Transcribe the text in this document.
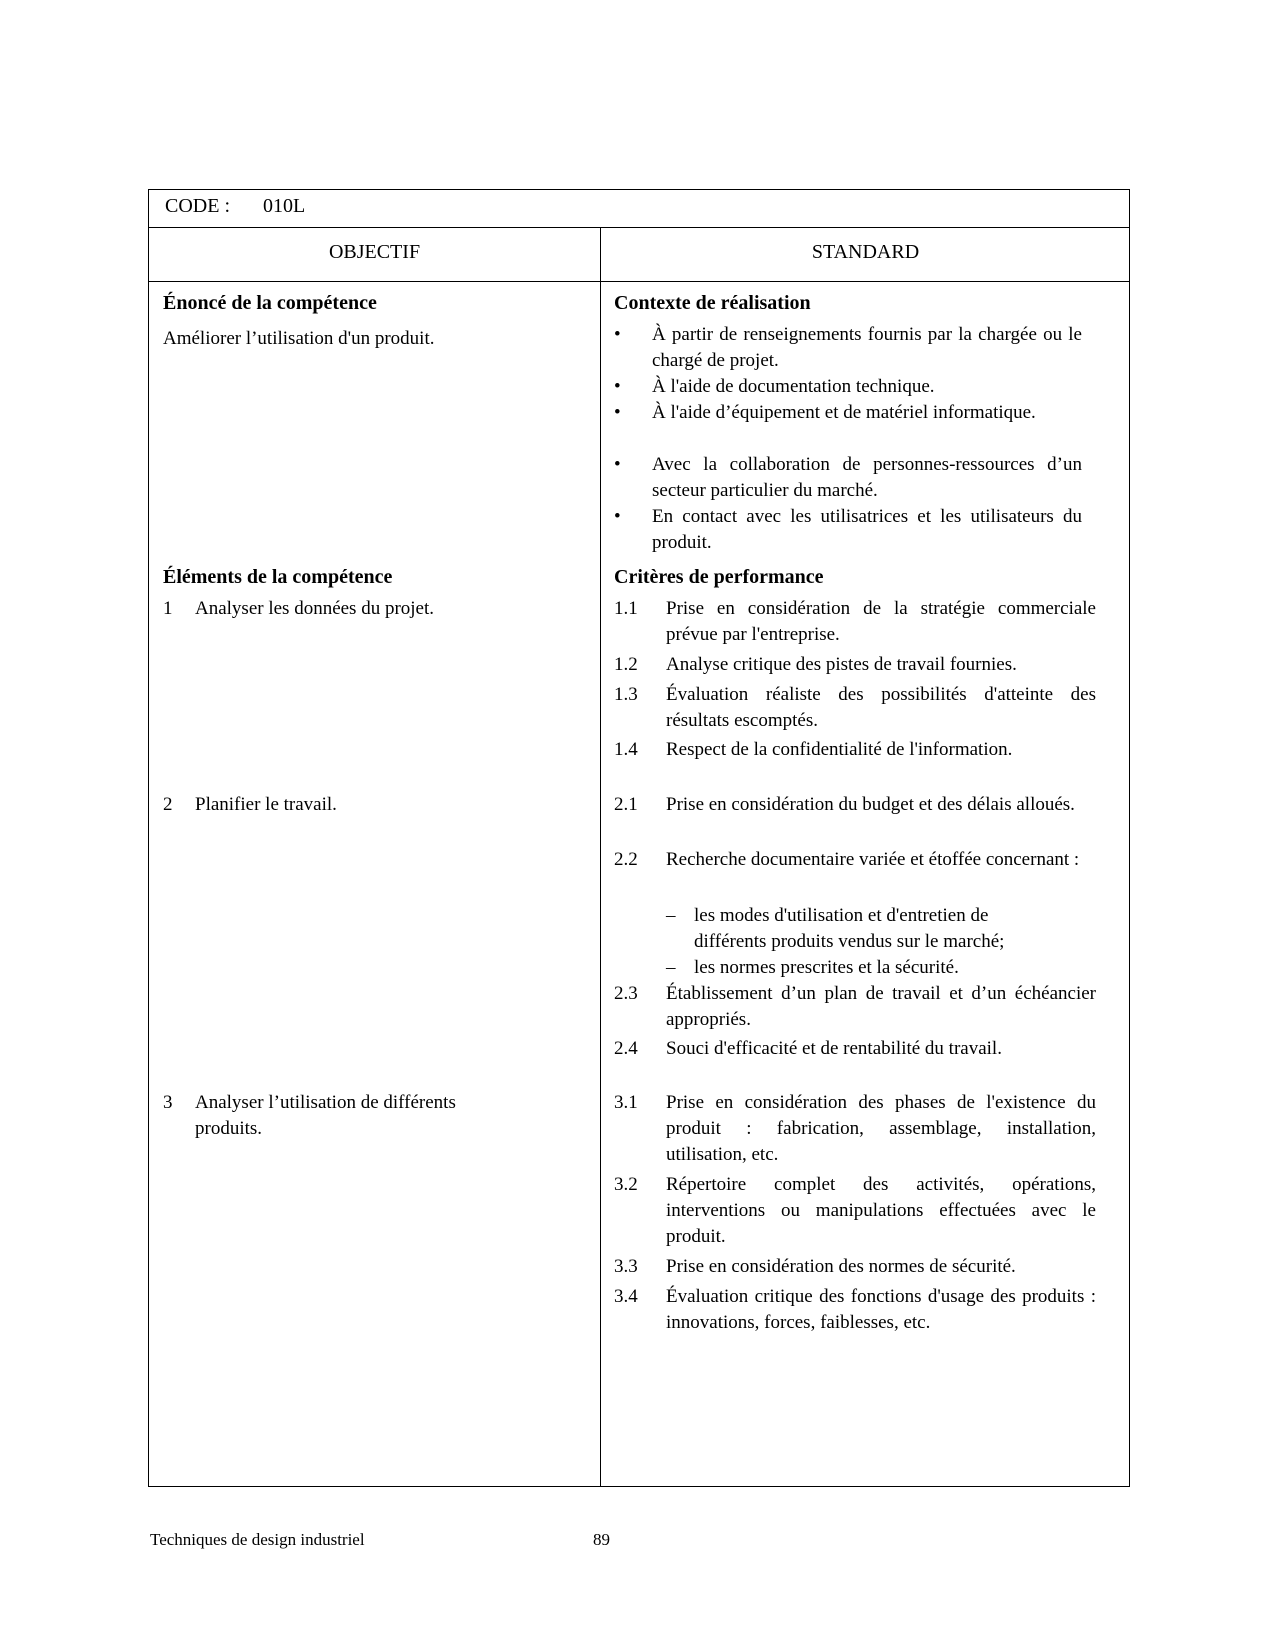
CODE : 010L
OBJECTIF	STANDARD
Énoncé de la compétence
Améliorer l’utilisation d'un produit.
Éléments de la compétence
1 Analyser les données du projet.
2 Planifier le travail.
3 Analyser l’utilisation de différents produits.
Contexte de réalisation
• À partir de renseignements fournis par la chargée ou le chargé de projet.
• À l'aide de documentation technique.
• À l'aide d’équipement et de matériel informatique.
• Avec la collaboration de personnes-ressources d’un secteur particulier du marché.
• En contact avec les utilisatrices et les utilisateurs du produit.
Critères de performance
1.1 Prise en considération de la stratégie commerciale prévue par l'entreprise.
1.2 Analyse critique des pistes de travail fournies.
1.3 Évaluation réaliste des possibilités d'atteinte des résultats escomptés.
1.4 Respect de la confidentialité de l'information.
2.1 Prise en considération du budget et des délais alloués.
2.2 Recherche documentaire variée et étoffée concernant :
– les modes d'utilisation et d'entretien de différents produits vendus sur le marché;
– les normes prescrites et la sécurité.
2.3 Établissement d’un plan de travail et d’un échéancier appropriés.
2.4 Souci d'efficacité et de rentabilité du travail.
3.1 Prise en considération des phases de l'existence du produit : fabrication, assemblage, installation, utilisation, etc.
3.2 Répertoire complet des activités, opérations, interventions ou manipulations effectuées avec le produit.
3.3 Prise en considération des normes de sécurité.
3.4 Évaluation critique des fonctions d'usage des produits : innovations, forces, faiblesses, etc.
Techniques de design industriel	89
